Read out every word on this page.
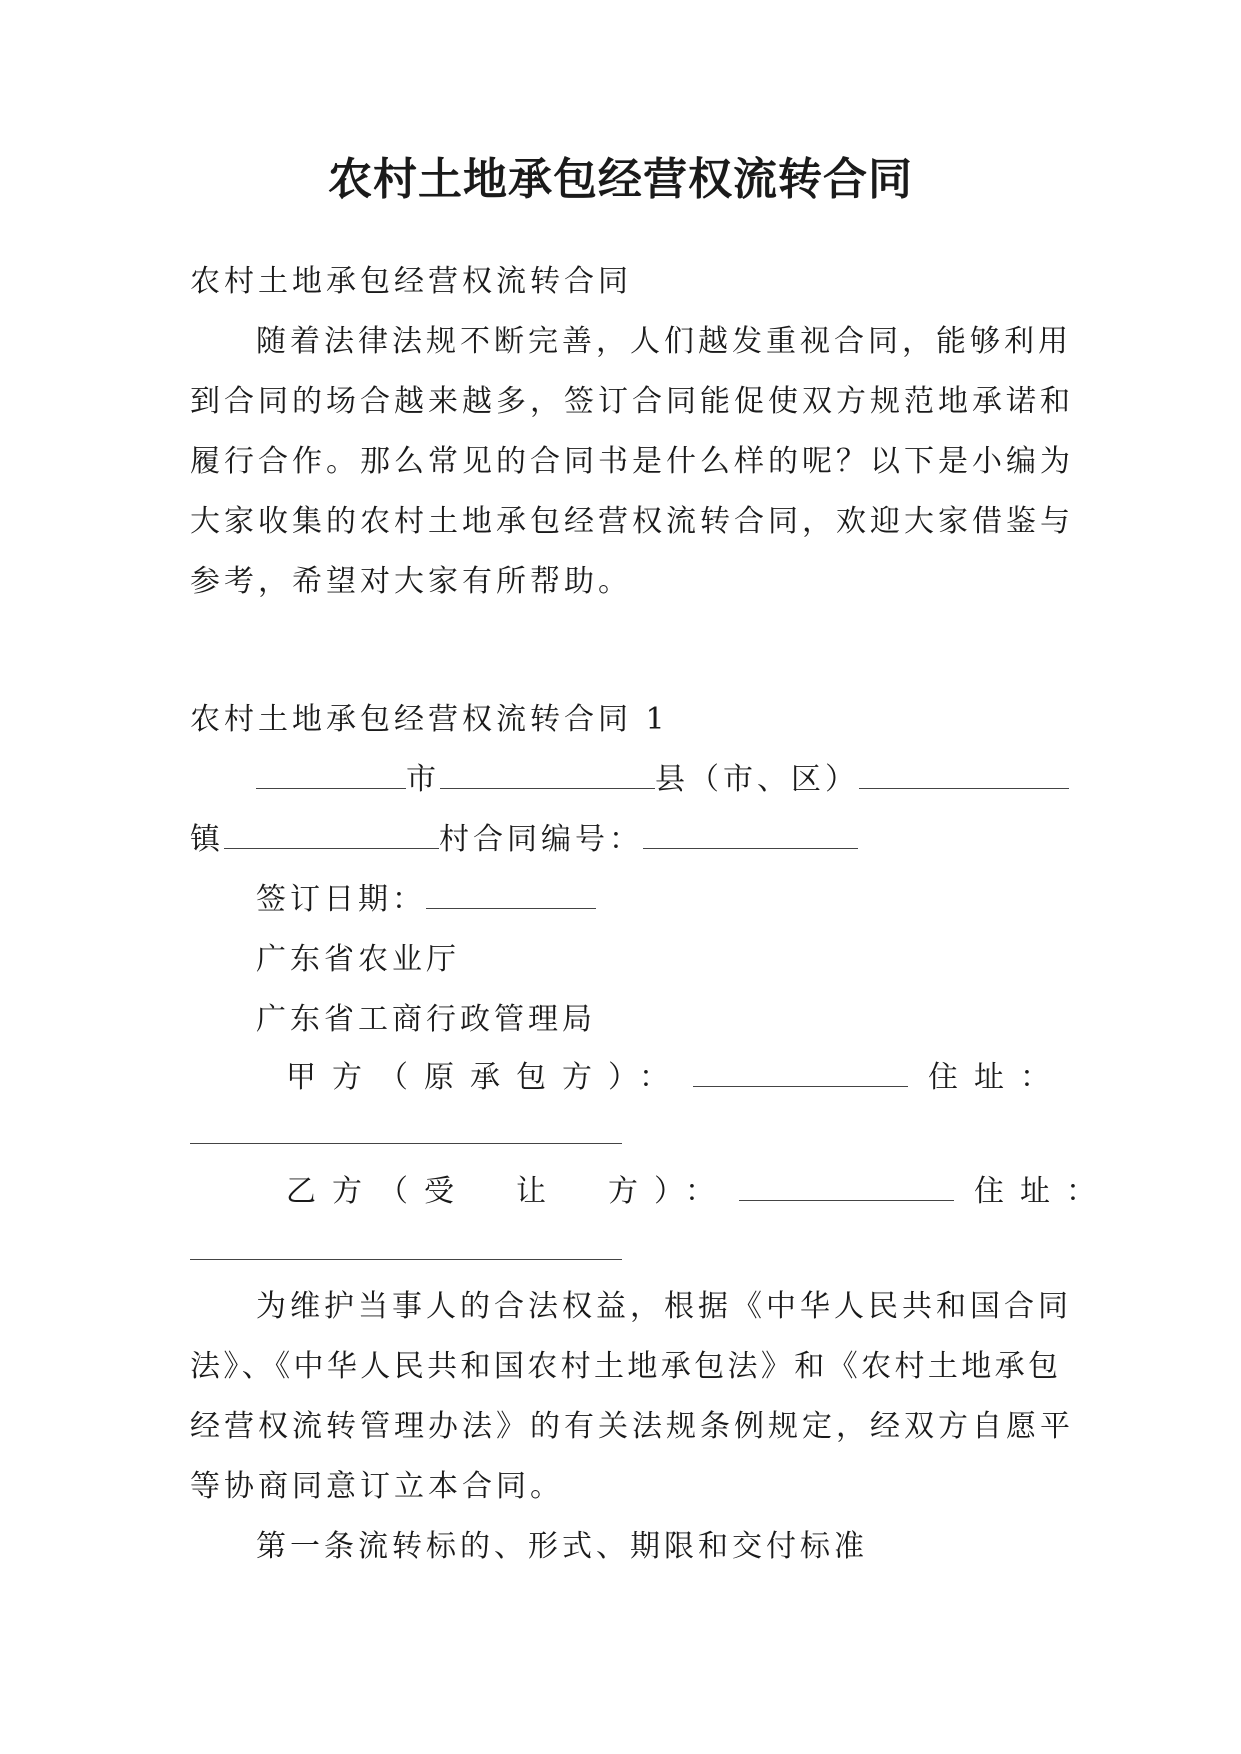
农村土地承包经营权流转合同
农村土地承包经营权流转合同
随着法律法规不断完善，人们越发重视合同，能够利用
到合同的场合越来越多，签订合同能促使双方规范地承诺和
履行合作。那么常见的合同书是什么样的呢？以下是小编为
大家收集的农村土地承包经营权流转合同，欢迎大家借鉴与
参考，希望对大家有所帮助。
农村土地承包经营权流转合同 1
市	县（市、区）
镇	村合同编号：
签订日期：
广东省农业厅
广东省工商行政管理局
甲方（原承包方）：	住址：
乙方（受　让　方）：	住址：
为维护当事人的合法权益，根据《中华人民共和国合同
法》、《中华人民共和国农村土地承包法》和《农村土地承包
经营权流转管理办法》的有关法规条例规定，经双方自愿平
等协商同意订立本合同。
第一条流转标的、形式、期限和交付标准
